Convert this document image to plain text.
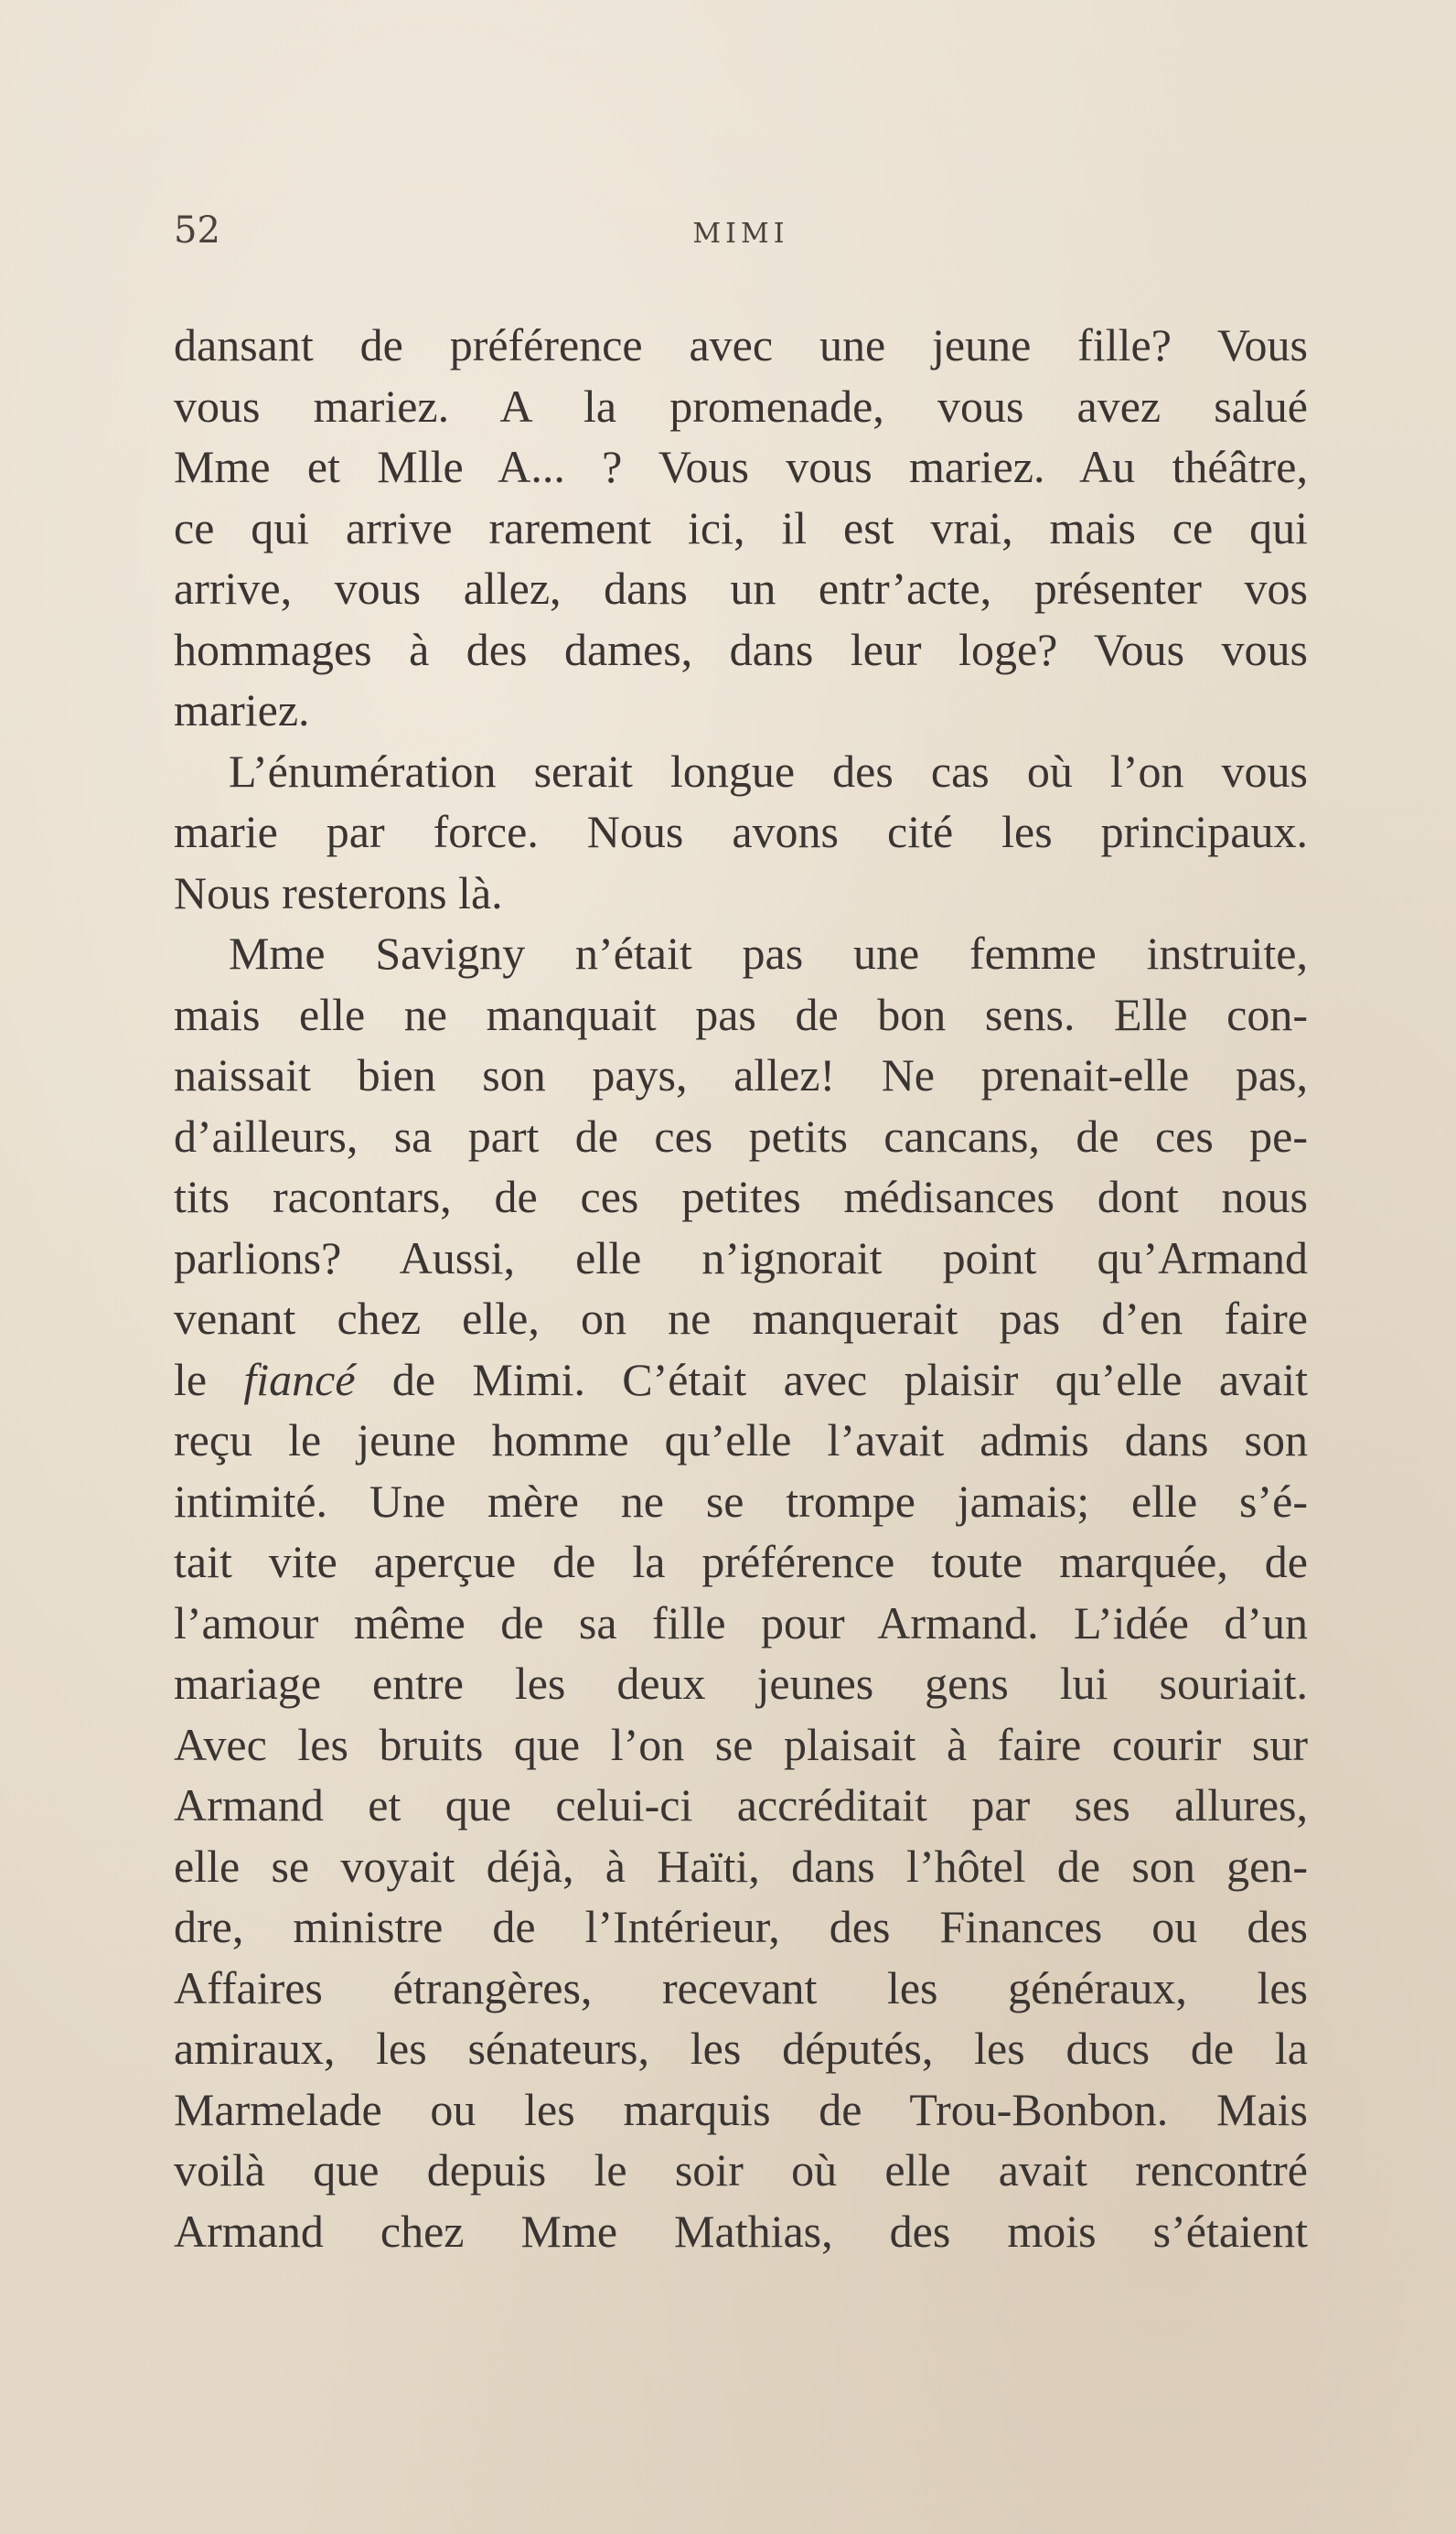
52	MIMI
dansant de préférence avec une jeune fille? Vous
vous mariez. A la promenade, vous avez salué
Mme et Mlle A... ? Vous vous mariez. Au théâtre,
ce qui arrive rarement ici, il est vrai, mais ce qui
arrive, vous allez, dans un entr’acte, présenter vos
hommages à des dames, dans leur loge? Vous vous
mariez.
L’énumération serait longue des cas où l’on vous
marie par force. Nous avons cité les principaux.
Nous resterons là.
Mme Savigny n’était pas une femme instruite,
mais elle ne manquait pas de bon sens. Elle con-
naissait bien son pays, allez! Ne prenait-elle pas,
d’ailleurs, sa part de ces petits cancans, de ces pe-
tits racontars, de ces petites médisances dont nous
parlions? Aussi, elle n’ignorait point qu’Armand
venant chez elle, on ne manquerait pas d’en faire
le fiancé de Mimi. C’était avec plaisir qu’elle avait
reçu le jeune homme qu’elle l’avait admis dans son
intimité. Une mère ne se trompe jamais; elle s’é-
tait vite aperçue de la préférence toute marquée, de
l’amour même de sa fille pour Armand. L’idée d’un
mariage entre les deux jeunes gens lui souriait.
Avec les bruits que l’on se plaisait à faire courir sur
Armand et que celui-ci accréditait par ses allures,
elle se voyait déjà, à Haïti, dans l’hôtel de son gen-
dre, ministre de l’Intérieur, des Finances ou des
Affaires étrangères, recevant les généraux, les
amiraux, les sénateurs, les députés, les ducs de la
Marmelade ou les marquis de Trou-Bonbon. Mais
voilà que depuis le soir où elle avait rencontré
Armand chez Mme Mathias, des mois s’étaient
